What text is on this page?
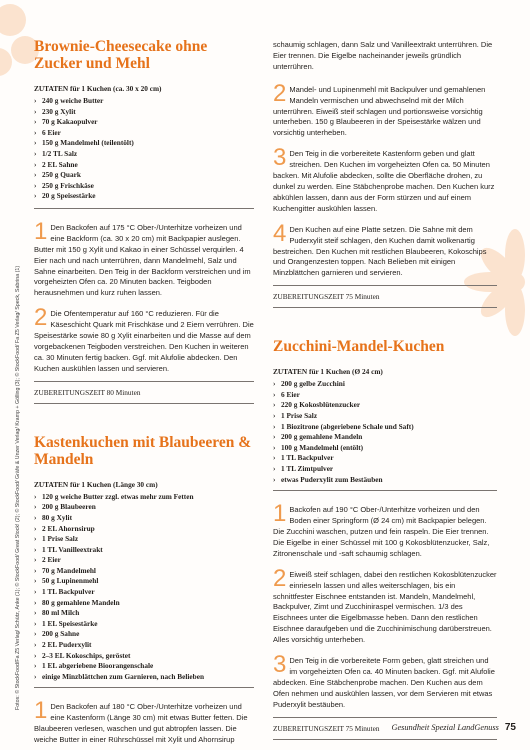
Fotos: © StockFood/Fa Z5 Verlag/ Schütz, Anke (1); © StockFood/ Great Stock! (2); © StockFood/ Gräfe & Unzer Verlag/ Kramp + Gölling (3); © StockFood/ Fa Z5 Verlag/ Speck, Sabrina (1)
Brownie-Cheesecake ohne Zucker und Mehl
ZUTATEN für 1 Kuchen (ca. 30 x 20 cm)
› 240 g weiche Butter
› 230 g Xylit
› 70 g Kakaopulver
› 6 Eier
› 150 g Mandelmehl (teilentölt)
› 1/2 TL Salz
› 2 EL Sahne
› 250 g Quark
› 250 g Frischkäse
› 20 g Speisestärke

1 Den Backofen auf 175 °C Ober-/Unterhitze vorheizen und eine Backform (ca. 30 x 20 cm) mit Backpapier auslegen. Butter mit 150 g Xylit und Kakao in einer Schüssel verquirlen. 4 Eier nach und nach unterrühren, dann Mandelmehl, Salz und Sahne einarbeiten. Den Teig in der Backform verstreichen und im vorgeheizten Ofen ca. 20 Minuten backen. Teigboden herausnehmen und kurz ruhen lassen.

2 Die Ofentemperatur auf 160 °C reduzieren. Für die Käseschicht Quark mit Frischkäse und 2 Eiern verrühren. Die Speisestärke sowie 80 g Xylit einarbeiten und die Masse auf dem vorgebackenen Teigboden verstreichen. Den Kuchen in weiteren ca. 30 Minuten fertig backen. Ggf. mit Alufolie abdecken. Den Kuchen auskühlen lassen und servieren.

ZUBEREITUNGSZEIT 80 Minuten

Kastenkuchen mit Blaubeeren & Mandeln
ZUTATEN für 1 Kuchen (Länge 30 cm)
› 120 g weiche Butter zzgl. etwas mehr zum Fetten
› 200 g Blaubeeren
› 80 g Xylit
› 2 EL Ahornsirup
› 1 Prise Salz
› 1 TL Vanilleextrakt
› 2 Eier
› 70 g Mandelmehl
› 50 g Lupinenmehl
› 1 TL Backpulver
› 80 g gemahlene Mandeln
› 80 ml Milch
› 1 EL Speisestärke
› 200 g Sahne
› 2 EL Puderxylit
› 2–3 EL Kokoschips, geröstet
› 1 EL abgeriebene Bioorangenschale
› einige Minzblättchen zum Garnieren, nach Belieben

1 Den Backofen auf 180 °C Ober-/Unterhitze vorheizen und eine Kastenform (Länge 30 cm) mit etwas Butter fetten. Die Blaubeeren verlesen, waschen und gut abtropfen lassen. Die weiche Butter in einer Rührschüssel mit Xylit und Ahornsirup

schaumig schlagen, dann Salz und Vanilleextrakt unterrühren. Die Eier trennen. Die Eigelbe nacheinander jeweils gründlich unterrühren.

2 Mandel- und Lupinenmehl mit Backpulver und gemahlenen Mandeln vermischen und abwechselnd mit der Milch unterrühren. Eiweiß steif schlagen und portionsweise vorsichtig unterheben. 150 g Blaubeeren in der Speisestärke wälzen und vorsichtig unterheben.

3 Den Teig in die vorbereitete Kastenform geben und glatt streichen. Den Kuchen im vorgeheizten Ofen ca. 50 Minuten backen. Mit Alufolie abdecken, sollte die Oberfläche drohen, zu dunkel zu werden. Eine Stäbchenprobe machen. Den Kuchen kurz abkühlen lassen, dann aus der Form stürzen und auf einem Kuchengitter auskühlen lassen.

4 Den Kuchen auf eine Platte setzen. Die Sahne mit dem Puderxylit steif schlagen, den Kuchen damit wolkenartig bestreichen. Den Kuchen mit restlichen Blaubeeren, Kokoschips und Orangenzesten toppen. Nach Belieben mit einigen Minzblättchen garnieren und servieren.

ZUBEREITUNGSZEIT 75 Minuten

Zucchini-Mandel-Kuchen
ZUTATEN für 1 Kuchen (Ø 24 cm)
› 200 g gelbe Zucchini
› 6 Eier
› 220 g Kokosblütenzucker
› 1 Prise Salz
› 1 Biozitrone (abgeriebene Schale und Saft)
› 200 g gemahlene Mandeln
› 100 g Mandelmehl (entölt)
› 1 TL Backpulver
› 1 TL Zimtpulver
› etwas Puderxylit zum Bestäuben

1 Backofen auf 190 °C Ober-/Unterhitze vorheizen und den Boden einer Springform (Ø 24 cm) mit Backpapier belegen. Die Zucchini waschen, putzen und fein raspeln. Die Eier trennen. Die Eigelbe in einer Schüssel mit 100 g Kokosblütenzucker, Salz, Zitronenschale und -saft schaumig schlagen.

2 Eiweiß steif schlagen, dabei den restlichen Kokosblütenzucker einrieseln lassen und alles weiterschlagen, bis ein schnittfester Eischnee entstanden ist. Mandeln, Mandelmehl, Backpulver, Zimt und Zucchiniraspel vermischen. 1/3 des Eischnees unter die Eigelbmasse heben. Dann den restlichen Eischnee daraufgeben und die Zucchinimischung darüberstreuen. Alles vorsichtig unterheben.

3 Den Teig in die vorbereitete Form geben, glatt streichen und im vorgeheizten Ofen ca. 40 Minuten backen. Ggf. mit Alufolie abdecken. Eine Stäbchenprobe machen. Den Kuchen aus dem Ofen nehmen und auskühlen lassen, vor dem Servieren mit etwas Puderxylit bestäuben.

ZUBEREITUNGSZEIT 75 Minuten	Gesundheit Spezial LandGenuss 75
